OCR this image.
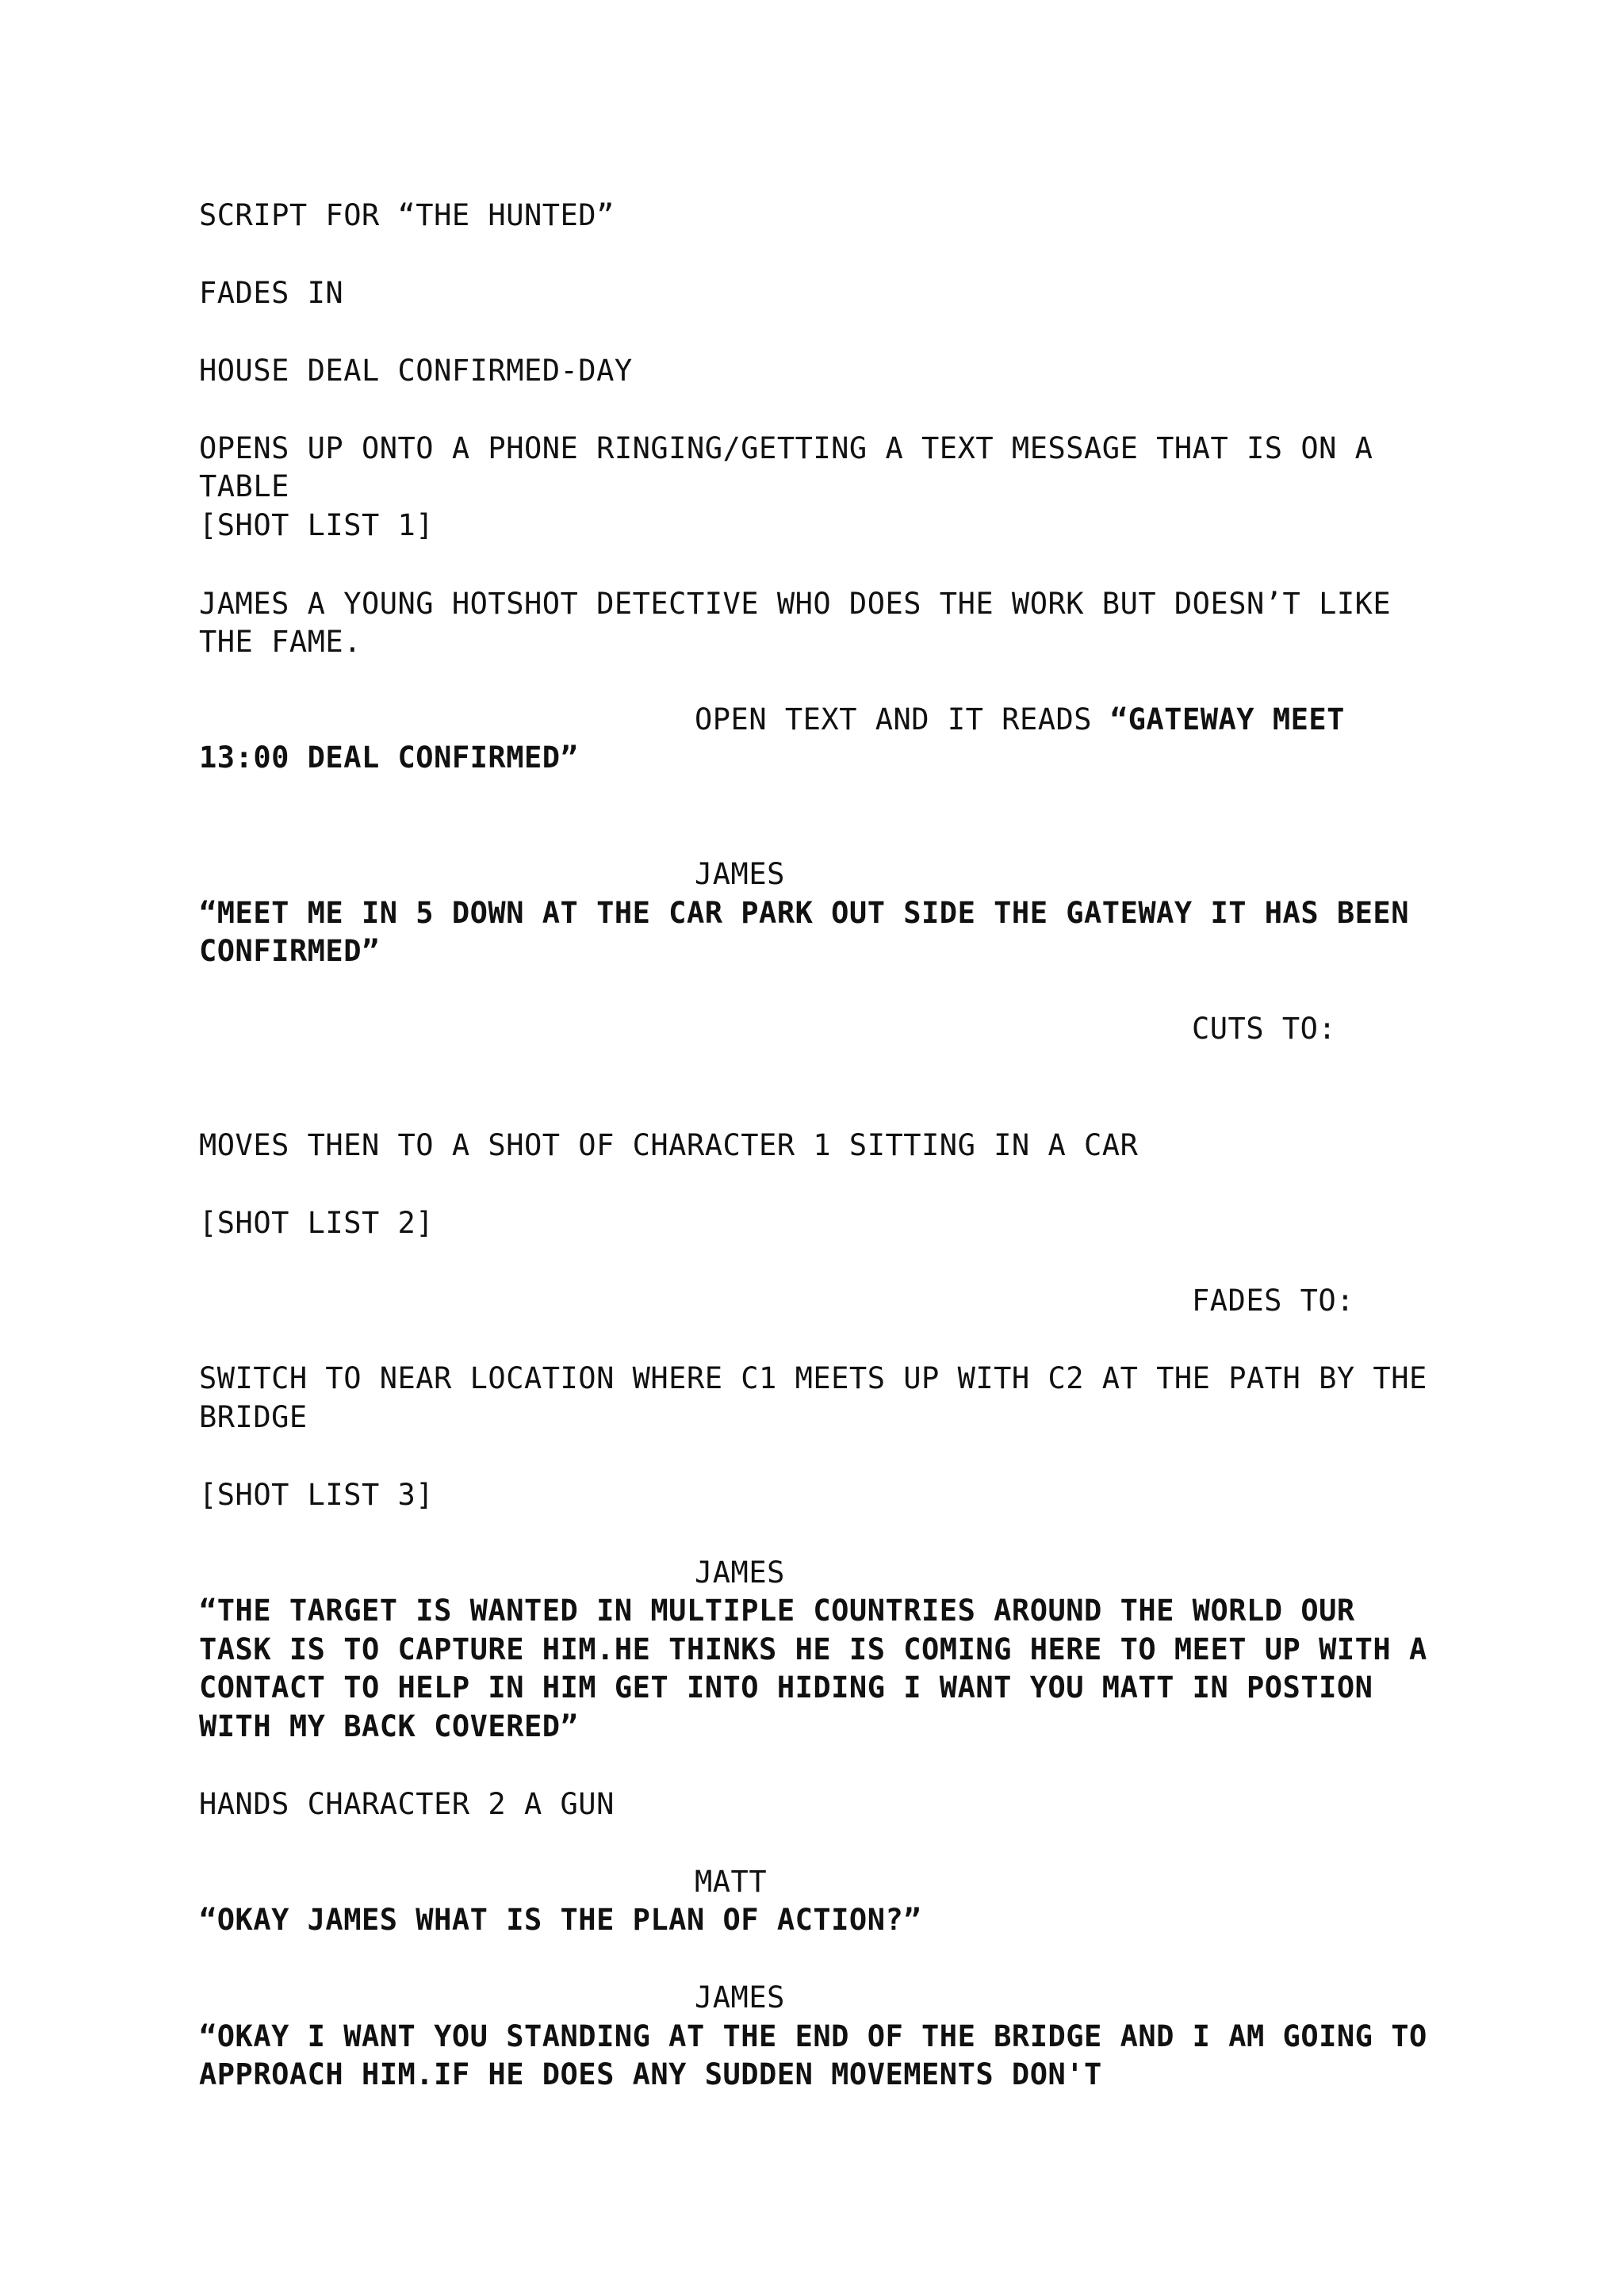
SCRIPT FOR “THE HUNTED”
FADES IN
HOUSE DEAL CONFIRMED-DAY
OPENS UP ONTO A PHONE RINGING/GETTING A TEXT MESSAGE THAT IS ON A
TABLE
[SHOT LIST 1]
JAMES A YOUNG HOTSHOT DETECTIVE WHO DOES THE WORK BUT DOESN’T LIKE
THE FAME.
OPEN TEXT AND IT READS “GATEWAY MEET
13:00 DEAL CONFIRMED”
JAMES
“MEET ME IN 5 DOWN AT THE CAR PARK OUT SIDE THE GATEWAY IT HAS BEEN
CONFIRMED”
CUTS TO:
MOVES THEN TO A SHOT OF CHARACTER 1 SITTING IN A CAR
[SHOT LIST 2]
FADES TO:
SWITCH TO NEAR LOCATION WHERE C1 MEETS UP WITH C2 AT THE PATH BY THE
BRIDGE
[SHOT LIST 3]
JAMES
“THE TARGET IS WANTED IN MULTIPLE COUNTRIES AROUND THE WORLD OUR
TASK IS TO CAPTURE HIM.HE THINKS HE IS COMING HERE TO MEET UP WITH A
CONTACT TO HELP IN HIM GET INTO HIDING I WANT YOU MATT IN POSTION
WITH MY BACK COVERED”
HANDS CHARACTER 2 A GUN
MATT
“OKAY JAMES WHAT IS THE PLAN OF ACTION?”
JAMES
“OKAY I WANT YOU STANDING AT THE END OF THE BRIDGE AND I AM GOING TO
APPROACH HIM.IF HE DOES ANY SUDDEN MOVEMENTS DON'T
